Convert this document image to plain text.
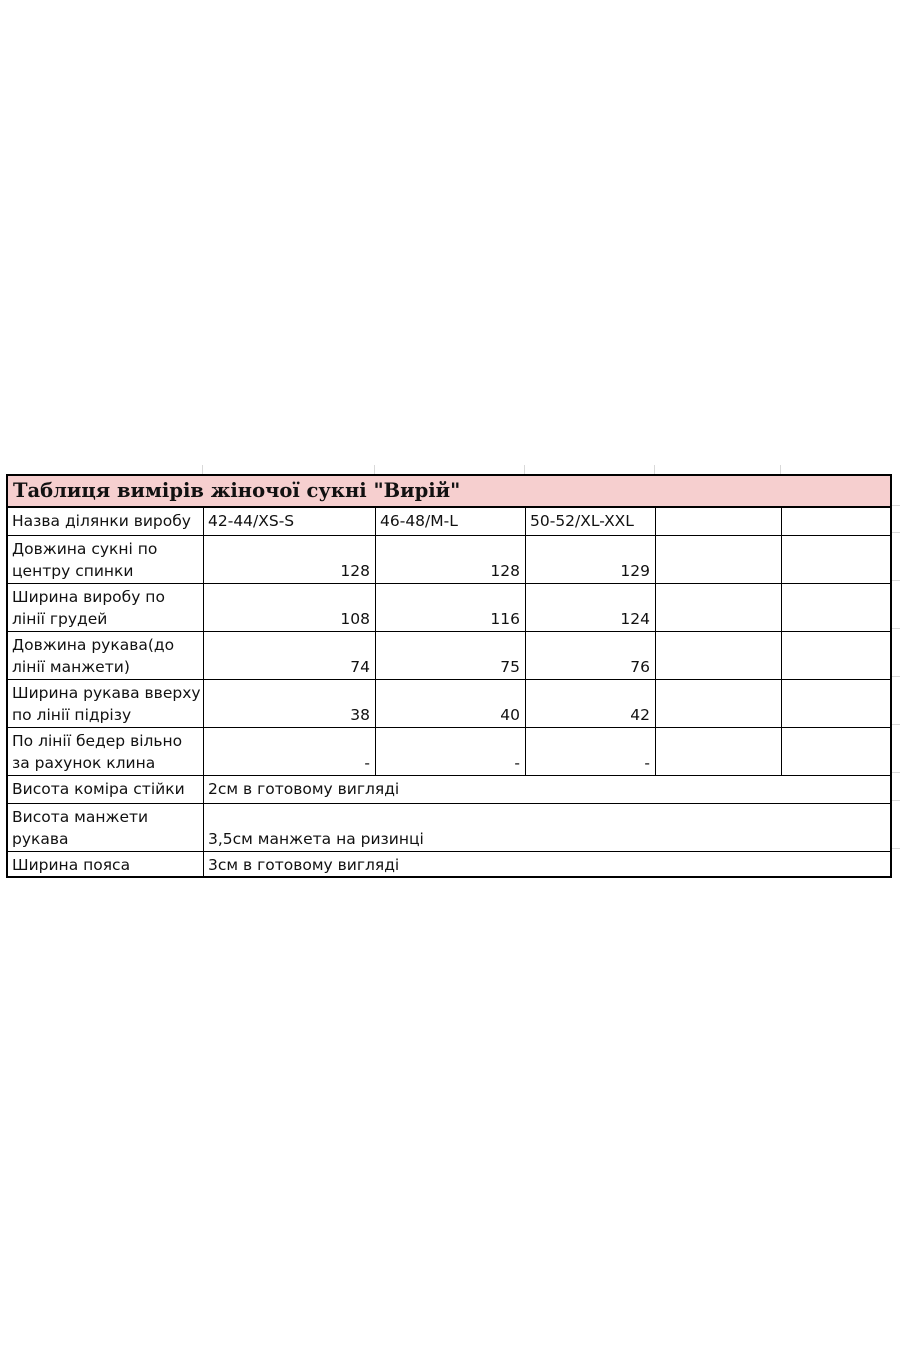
Таблиця вимірів жіночої сукні "Вирій"
Назва ділянки виробу	42-44/XS-S	46-48/M-L	50-52/XL-XXL
Довжина сукні по
центру спинки	128	128	129
Ширина виробу по
лінії грудей	108	116	124
Довжина рукава(до
лінії манжети)	74	75	76
Ширина рукава вверху
по лінії підрізу	38	40	42
По лінії бедер вільно
за рахунок клина	-	-	-
Висота коміра стійки	2см в готовому вигляді
Висота манжети
рукава	3,5см манжета на ризинці
Ширина пояса	3см в готовому вигляді
